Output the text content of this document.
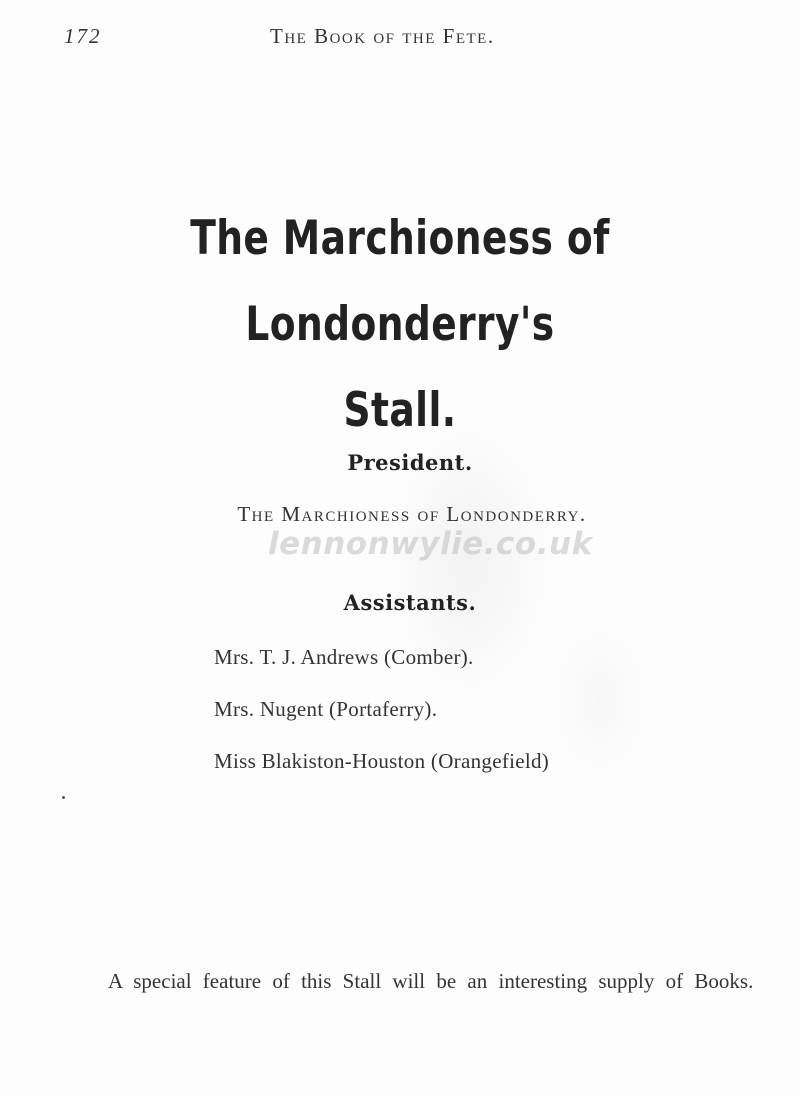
172	The Book of the Fete.
The Marchioness of Londonderry's
Stall.
President.
The Marchioness of Londonderry.
lennonwylie.co.uk
Assistants.
Mrs. T. J. Andrews (Comber).
Mrs. Nugent (Portaferry).
Miss Blakiston-Houston (Orangefield)

A special feature of this Stall will be an interesting supply of Books.
